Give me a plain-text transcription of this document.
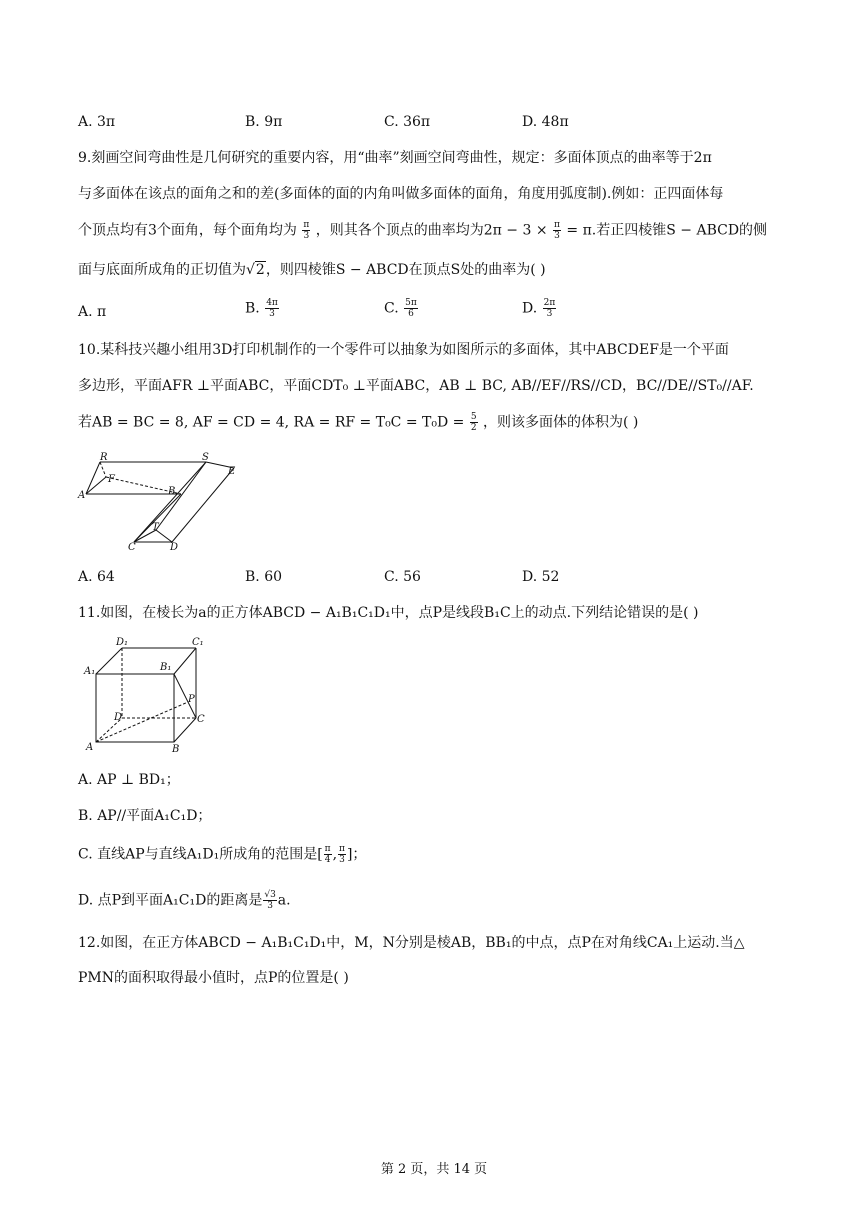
A. 3π	B. 9π	C. 36π	D. 48π
9.刻画空间弯曲性是几何研究的重要内容，用“曲率”刻画空间弯曲性，规定：多面体顶点的曲率等于2π
与多面体在该点的面角之和的差(多面体的面的内角叫做多面体的面角，角度用弧度制).例如：正四面体每
个顶点均有3个面角，每个面角均为 $\frac{\pi}{3}$ ，则其各个顶点的曲率均为$2\pi - 3 \times \frac{\pi}{3} = \pi$.若正四棱锥S − ABCD的侧
面与底面所成角的正切值为√2，则四棱锥S − ABCD在顶点S处的曲率为( )
A. π	B. $\frac{4\pi}{3}$	C. $\frac{5\pi}{6}$	D. $\frac{2\pi}{3}$
10.某科技兴趣小组用3D打印机制作的一个零件可以抽象为如图所示的多面体，其中ABCDEF是一个平面
多边形，平面AFR ⊥平面ABC，平面CDT₀ ⊥平面ABC，AB ⊥ BC, AB//EF//RS//CD，BC//DE//ST₀//AF.
若AB = BC = 8, AF = CD = 4, RA = RF = $T_0C = T_0D = \frac{5}{2}$ ，则该多面体的体积为( )
R	S
E
F
A	B
T
C	D
A. 64	B. 60	C. 56	D. 52
11.如图，在棱长为a的正方体ABCD − A₁B₁C₁D₁中，点P是线段B₁C上的动点.下列结论错误的是( )
D₁	C₁
A₁	B₁
P
D	C
A	B
A. AP ⊥ BD₁；
B. AP//平面A₁C₁D；
C. 直线AP与直线A₁D₁所成角的范围是[ $\frac{\pi}{4}$ , $\frac{\pi}{3}$ ]；
D. 点P到平面A₁C₁D的距离是 $\frac{√3}{3} a$.
12.如图，在正方体ABCD − A₁B₁C₁D₁中，M，N分别是棱AB，BB₁的中点，点P在对角线CA₁上运动.当△
PMN的面积取得最小值时，点P的位置是( )
第 2 页，共 14 页
